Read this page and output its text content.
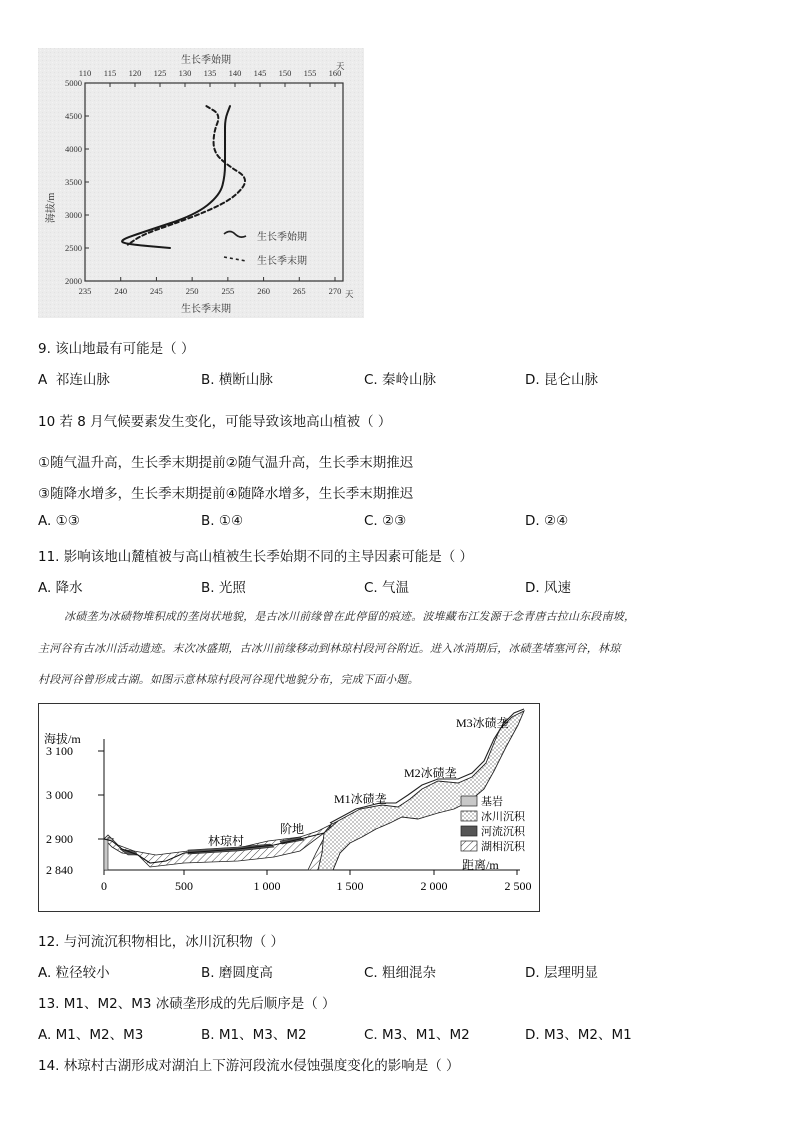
110 115 120 125 130 135 140 145 150 155 160
235	240	245	250	255	260	265	270
2000
2500
3000
3500
4000
4500
5000
生长季始期	天
生长季末期
天
海拔/m
生长季始期
生长季末期
9. 该山地最有可能是（ ）
A 祁连山脉	B. 横断山脉	C. 秦岭山脉	D. 昆仑山脉
10 若 8 月气候要素发生变化，可能导致该地高山植被（ ）
①随气温升高，生长季末期提前②随气温升高，生长季末期推迟
③随降水增多，生长季末期提前④随降水增多，生长季末期推迟
A. ①③	B. ①④	C. ②③	D. ②④
11. 影响该地山麓植被与高山植被生长季始期不同的主导因素可能是（ ）
A. 降水	B. 光照	C. 气温	D. 风速
冰碛垄为冰碛物堆积成的垄岗状地貌，是古冰川前缘曾在此停留的痕迹。波堆藏布江发源于念青唐古拉山东段南坡，
主河谷有古冰川活动遗迹。末次冰盛期，古冰川前缘移动到林琼村段河谷附近。进入冰消期后，冰碛垄堵塞河谷，林琼
村段河谷曾形成古湖。如图示意林琼村段河谷现代地貌分布，完成下面小题。
海拔/m
3 100
3 000
2 900
2 840
0	500	1 000	1 500	2 000	2 500
距离/m
林琼村
阶地
M1冰碛垄
M2冰碛垄
M3冰碛垄
基岩
冰川沉积
河流沉积
湖相沉积
12. 与河流沉积物相比，冰川沉积物（ ）
A. 粒径较小	B. 磨圆度高	C. 粗细混杂	D. 层理明显
13. M1、M2、M3 冰碛垄形成的先后顺序是（ ）
A. M1、M2、M3	B. M1、M3、M2	C. M3、M1、M2	D. M3、M2、M1
14. 林琼村古湖形成对湖泊上下游河段流水侵蚀强度变化的影响是（ ）
